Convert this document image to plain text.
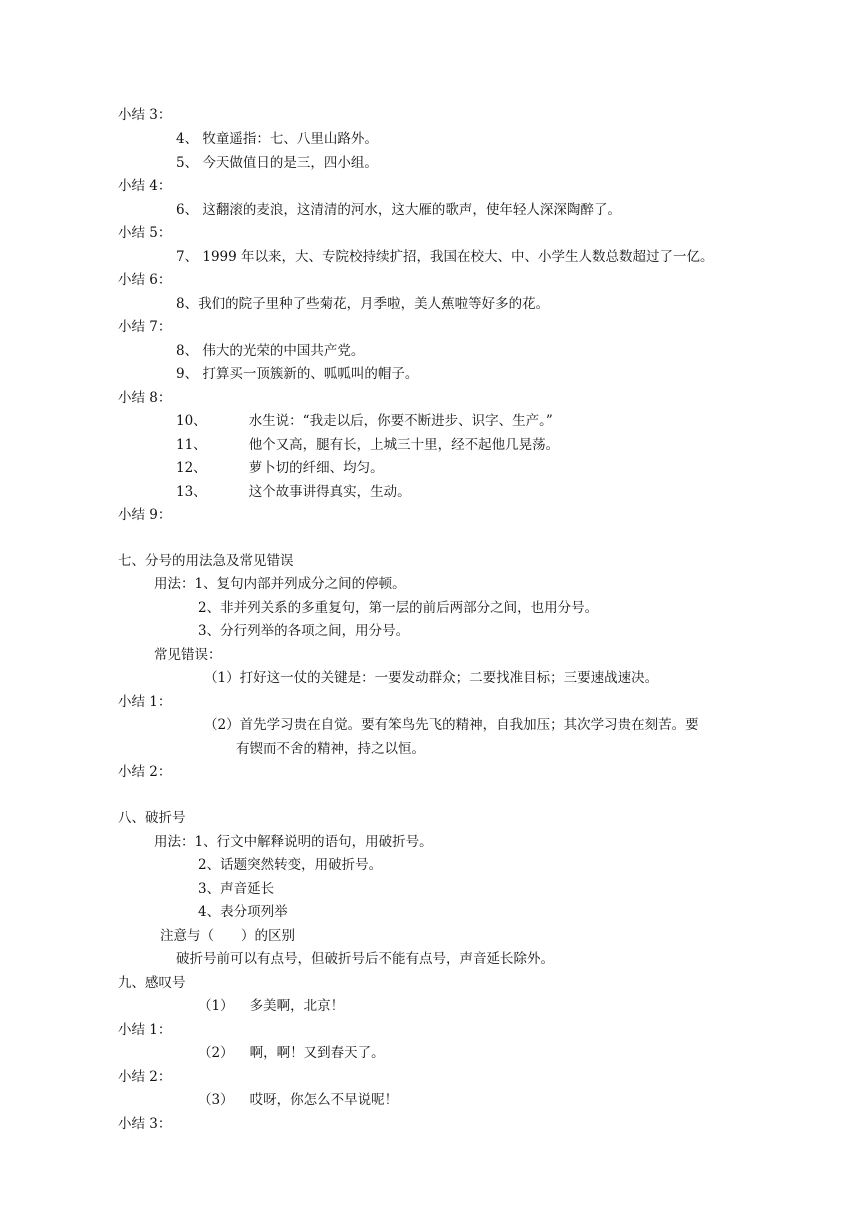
小结 3：
4、 牧童遥指：七、八里山路外。
5、 今天做值日的是三，四小组。
小结 4：
6、 这翻滚的麦浪，这清清的河水，这大雁的歌声，使年轻人深深陶醉了。
小结 5：
7、 1999 年以来，大、专院校持续扩招，我国在校大、中、小学生人数总数超过了一亿。
小结 6：
8、我们的院子里种了些菊花，月季啦，美人蕉啦等好多的花。
小结 7：
8、 伟大的光荣的中国共产党。
9、 打算买一顶簇新的、呱呱叫的帽子。
小结 8：
10、	水生说：“我走以后，你要不断进步、识字、生产。”
11、	他个又高，腿有长，上城三十里，经不起他几晃荡。
12、	萝卜切的纤细、均匀。
13、	这个故事讲得真实，生动。
小结 9：
七、分号的用法急及常见错误
用法：1、复句内部并列成分之间的停顿。
2、非并列关系的多重复句，第一层的前后两部分之间，也用分号。
3、分行列举的各项之间，用分号。
常见错误：
（1）打好这一仗的关键是：一要发动群众；二要找准目标；三要速战速决。
小结 1：
（2）首先学习贵在自觉。要有笨鸟先飞的精神，自我加压；其次学习贵在刻苦。要
有锲而不舍的精神，持之以恒。
小结 2：
八、破折号
用法：1、行文中解释说明的语句，用破折号。
2、话题突然转变，用破折号。
3、声音延长
4、表分项列举
注意与（　　）的区别
破折号前可以有点号，但破折号后不能有点号，声音延长除外。
九、感叹号
（1） 多美啊，北京！
小结 1：
（2） 啊，啊！又到春天了。
小结 2：
（3） 哎呀，你怎么不早说呢！
小结 3：
